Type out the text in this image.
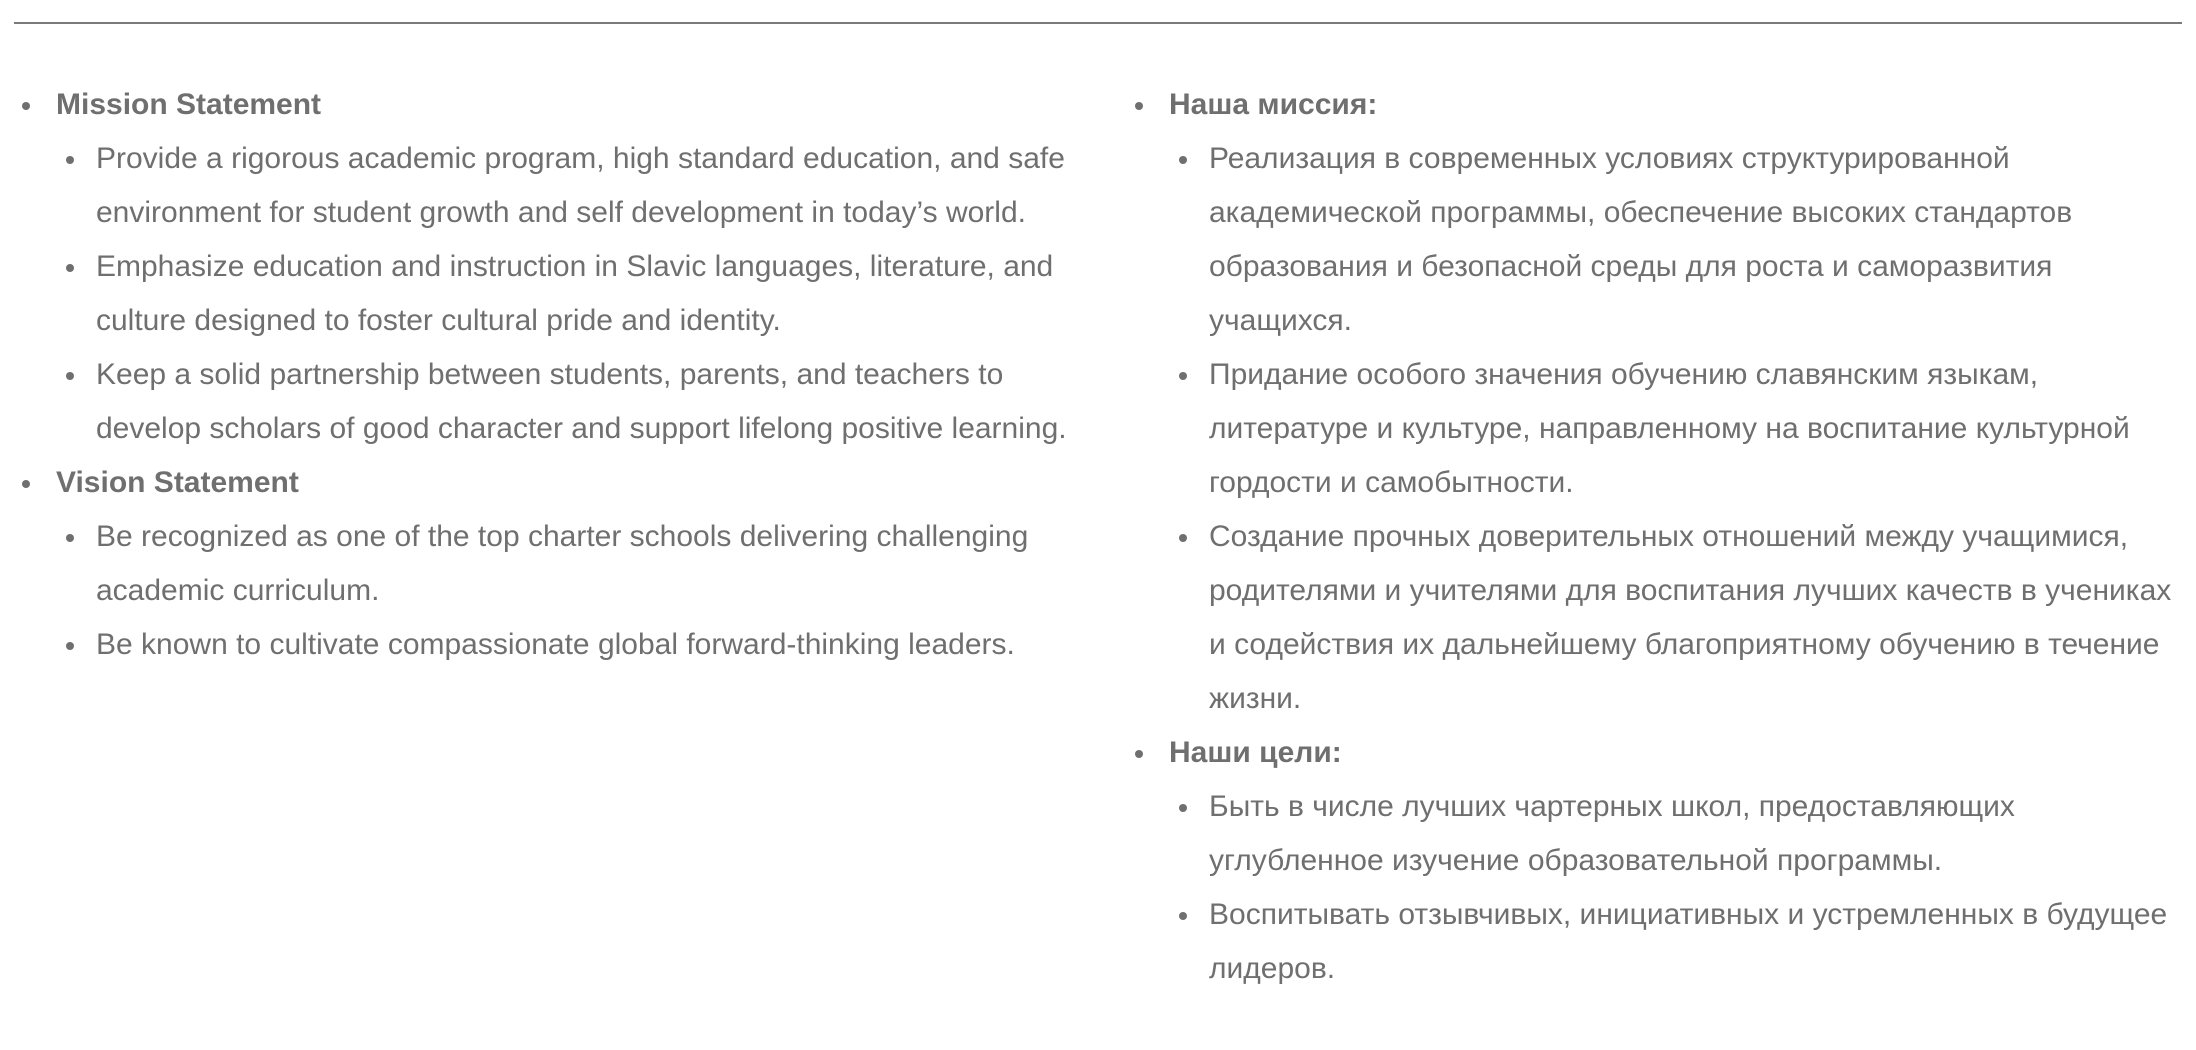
Mission Statement
Provide a rigorous academic program, high standard education, and safe environment for student growth and self development in today’s world.
Emphasize education and instruction in Slavic languages, literature, and culture designed to foster cultural pride and identity.
Keep a solid partnership between students, parents, and teachers to develop scholars of good character and support lifelong positive learning.
Vision Statement
Be recognized as one of the top charter schools delivering challenging academic curriculum.
Be known to cultivate compassionate global forward-thinking leaders.
Наша миссия:
Реализация в современных условиях структурированной академической программы, обеспечение высоких стандартов образования и безопасной среды для роста и саморазвития учащихся.
Придание особого значения обучению славянским языкам, литературе и культуре, направленному на воспитание культурной гордости и самобытности.
Создание прочных доверительных отношений между учащимися, родителями и учителями для воспитания лучших качеств в учениках и содействия их дальнейшему благоприятному обучению в течение жизни.
Наши цели:
Быть в числе лучших чартерных школ, предоставляющих углубленное изучение образовательной программы.
Воспитывать отзывчивых, инициативных и устремленных в будущее лидеров.
